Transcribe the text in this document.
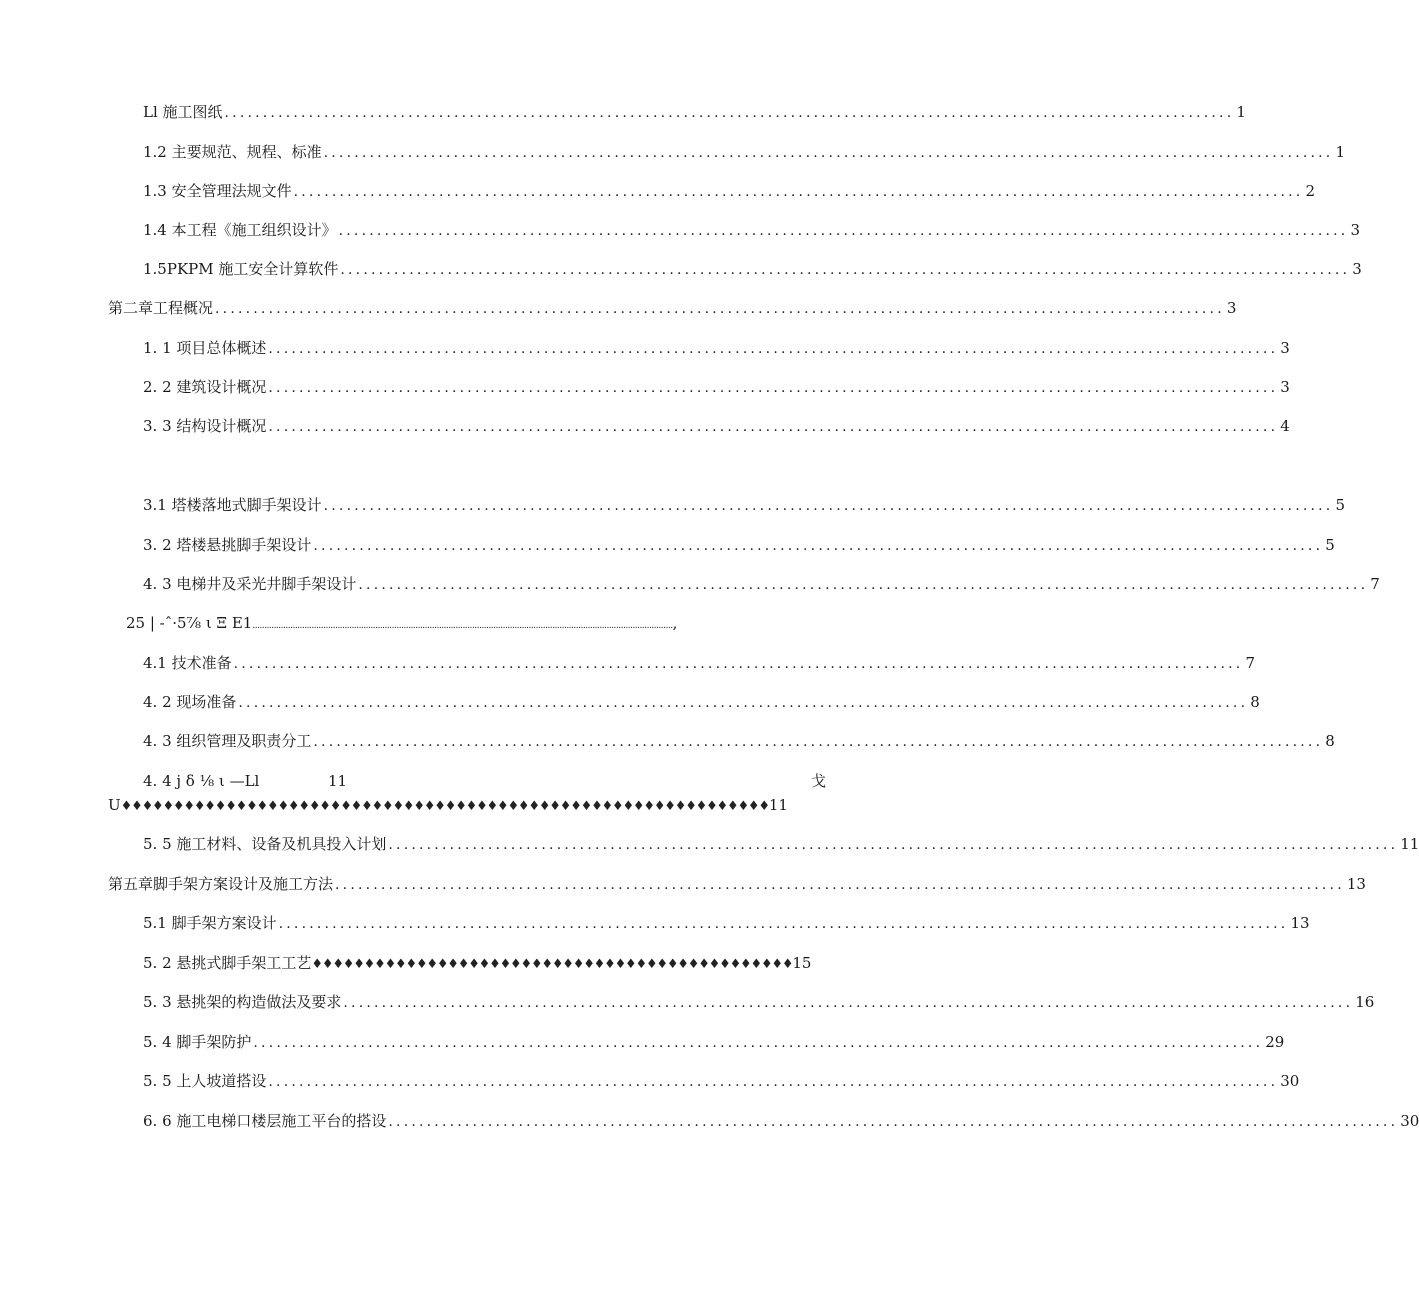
Ll 施工图纸 .................................................................................................................................... 1
1.2 主要规范、规程、标准 .................................................................................................................................... 1
1.3 安全管理法规文件 .................................................................................................................................... 2
1.4 本工程《施工组织设计》 .................................................................................................................................... 3
1.5PKPM 施工安全计算软件 .................................................................................................................................... 3
第二章工程概况 .................................................................................................................................... 3
1. 1 项目总体概述 .................................................................................................................................... 3
2. 2 建筑设计概况 .................................................................................................................................... 3
3. 3 结构设计概况 .................................................................................................................................... 4
3.1 塔楼落地式脚手架设计 .................................................................................................................................... 5
3. 2 塔楼悬挑脚手架设计 .................................................................................................................................... 5
4. 3 电梯井及采光井脚手架设计 .................................................................................................................................... 7
25 | -ˆ·5⅞ ι Ξ E1 .................................................................................................................................................................................. ,
4.1 技术准备 .................................................................................................................................... 7
4. 2 现场准备 .................................................................................................................................... 8
4. 3 组织管理及职责分工 .................................................................................................................................... 8
4. 4 j δ ⅛ ι —Ll	11	戈
U ♦♦♦♦♦♦♦♦♦♦♦♦♦♦♦♦♦♦♦♦♦♦♦♦♦♦♦♦♦♦♦♦♦♦♦♦♦♦♦♦♦♦♦♦♦♦♦♦♦♦♦♦♦♦♦♦♦♦♦♦♦♦ 11
5. 5 施工材料、设备及机具投入计划 .................................................................................................................................... 11
第五章脚手架方案设计及施工方法 .................................................................................................................................... 13
5.1 脚手架方案设计 .................................................................................................................................... 13
5. 2 悬挑式脚手架工工艺 ♦♦♦♦♦♦♦♦♦♦♦♦♦♦♦♦♦♦♦♦♦♦♦♦♦♦♦♦♦♦♦♦♦♦♦♦♦♦♦♦♦♦♦♦♦♦ 15
5. 3 悬挑架的构造做法及要求 .................................................................................................................................... 16
5. 4 脚手架防护 .................................................................................................................................... 29
5. 5 上人坡道搭设 .................................................................................................................................... 30
6. 6 施工电梯口楼层施工平台的搭设 .................................................................................................................................... 30
